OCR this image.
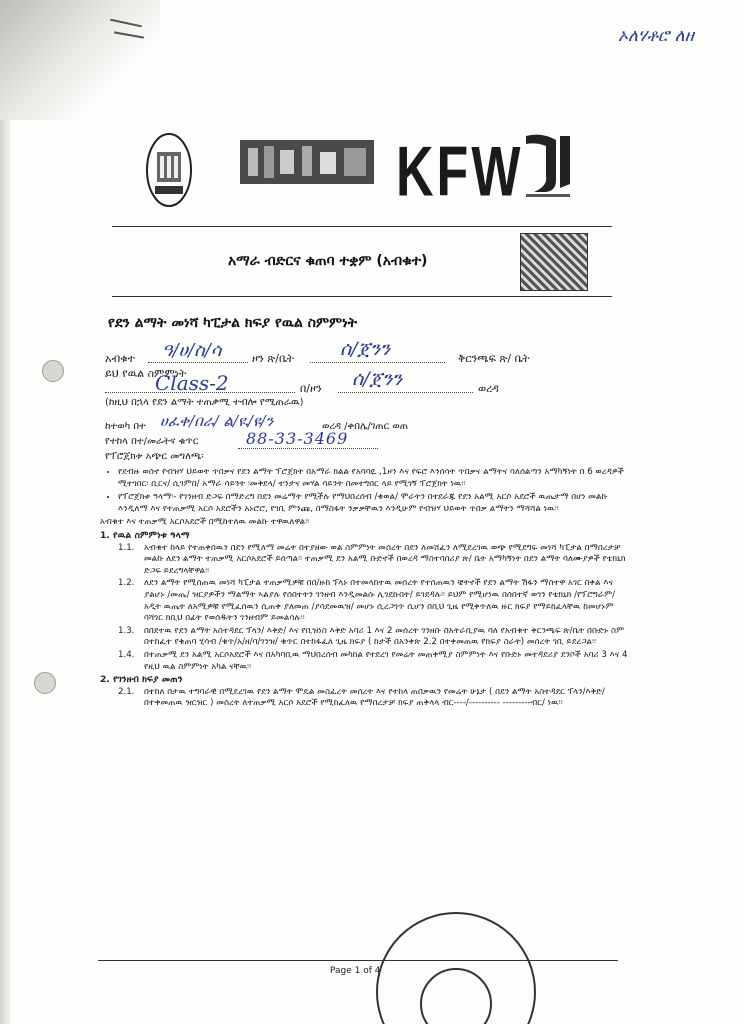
ኦለሃቶሮ ለዘ
KFW
አማራ ብድርና ቁጠባ ተቋም (አብቁተ)
የደን ልማት መነሻ ካፒታል ክፍያ የዉል ስምምነት
አብቁተ ዓ/ሀ/ስ/ሳ	ዞን ጽ/ቤት ሰ/ጀንን	ቅርንጫፍ ጽ/ ቤት
ይህ የዉል ስምምነት
Class-2	በ/ዞን ሰ/ጀንን	ወረዳ
(ከዚህ በኋላ የደን ልማት ተጠቃሚ ተብሎ የሚጠራዉ)
ከተወካ በተ ሀፈቀ/በራ/ ል/ዪ/ዩ/ን	ወረዳ /ቀበሌ/ገጠር ወጠ
የተከላ በተ/መራትና ቁጥር	88-33-3469
የፕሮጀክቱ አጭር መግለጫ፡
• የደብዙ ወሰኖ የብዝሃ ህይወት ጥበቃና የደን ልማት ፕሮጀክት በአማራ ክልል የአባባዪ ,1ዞን እና የፍሮ እንሰሳት ጥበቃና ልማትና ባለሰልጣን አማካኝነት በ 6 ወረዳዎች ሚተገበር፡ ቢርና/ ሲገምበ/ አማራ ሳይንት ፡መቅደላ/ ተንታና መሃል ሳይንት በመተግበር ላይ የሚገኝ ፕሮጀክት ነዉ፡፡
• የፕሮጀክቱ ዓላማ፡- የገንዘብ ድጋፍ በማድረግ በደን መሬማት የሚችሉ የማህበረሰብ /ቁወል/ ሞራትን በተደራጁ የደን አልሚ አርሶ አደሮች ዉጤታማ በሆነ መልኩ እንዲለማ እና የተጠቃሚ አርሶ አደሮችን አኑሮሮ, የገቢ ምንጩ, በማስፋት ንቃቃቸዉን እንዲሁም የብዝሃ ህይወት ጥበቃ ልማትን ማሻሻል ነዉ፡፡

አብቁተ እና ተጠቃሚ አርሶአደሮች በሚከተለዉ መልኩ ተዋዉለዋል፡፡

1. የዉል ስምምነቱ ዓላማ
1.1.	አብቁተ ከላይ የተጠቀሰዉን በደን የሚለማ መሬት በተያዘው ወል ስምምነት መሰረት በደን ለመሸፈን ለሚደረገዉ ወጭ የሚደግፍ መነሻ ካፒታል በማበረታቻ መልኩ ለደን ልማት ተጠቃሚ አርሶአደሮች ይሰጣል፡፡ ተጠቃሚ ደን አልሚ ቡድኖች በወረዳ ማስተባበሪያ ጽ/ ቤት አማካኝነት በደን ልማት ባለሙያዎች የቴክኒክ ድጋፍ ይደረግላቸዋል፡፡
1.2.	ለደን ልማት የሚሰጠዉ መነሻ ካፒታል ተጠቃሚዎቹ በበ/ዙከ ፕላኑ በተመላከተዉ መሰረት የተሰጠዉን ቼትኖች የደን ልማት ሽፋን ማስተዋ አገር በቀል እና ያልሆኑ /መጤ/ ዝርያዎችን ማልማት ኣልያሉ የሰበተትን ገንዘብ እንዲመልሱ ሊገደኩበት/ ይገደዳሉ፡፡ ይህም የሚሆነዉ በሰበተኛ ወገን የቴክኒክ /የፕሮግራም/ አዲት ዉጤት ለአሚዎቹ የሚፈሰዉን ሲጠቀ ያለመጠ /ያሳደመዉዝ/ መሆኑ ሲረጋገጥ ሲሆን በቢህ ጊዜ የሚቀጥለዉ ዙር ክፍያ የማይከፈላቸዉ ከመሆኑም ባሻገር ክቢህ በፊት የወሰዱትን ገንዘብም ይመልሳሉ፡፡
1.3.	በበደተዉ የደን ልማት አስተዳደር ፕላን/ እቅድ/ እና የቢዝነስ እቅድ አባሪ 1 እና 2 መሰረት ገንዘቡ በአትራቢያዉ ባለ የአብቁተ ቅርንጫፍ ጽ/ቤት በቡድኑ ስም በተከፈተ የቁጠባ ሂሳብ /ቁጥ/አ/ዘ/ባ/ገንዝ/ ቁጥር በተከፋፈለ ጊዜ ክፍያ ( ከታች በአንቀጽ 2.2 በተቀመጠዉ የክፍያ ስራት) መሰረት ገቢ ይደረጋል፡፡
1.4.	በተጠቃሚ ደን አልሚ አርሶአደሮች እና በአካባቢዉ ማህበረሰብ መካከል የተደረገ የመሬት መጠቀሚያ ስምምነት እና የቡድኑ መተዳደሪያ ደንቦች አባሪ 3 እና 4 የዚህ ዉል ስምምነት አካል ናቸዉ፡፡
2. የገንዘብ ክፍያ መጠን
2.1.	በተከለ በታዉ ተግባራዊ በሚደረገዉ የደን ልማት ሞዴል መስፈረት መሰረት እና የተከላ ጠበቃዉን የመሬት ሁኔታ ( በደን ልማት አስተዳደር ፕላን/እቅድ/ በተቀመጠዉ ዝርዝር ) መሰረት ለተጠቃሚ አርሶ አደሮች የሚከፈለዉ የማበረታቻ ክፍያ ጠቅላላ ብር----/---------- ---------ብር/ ነዉ፡፡
Page 1 of 4
